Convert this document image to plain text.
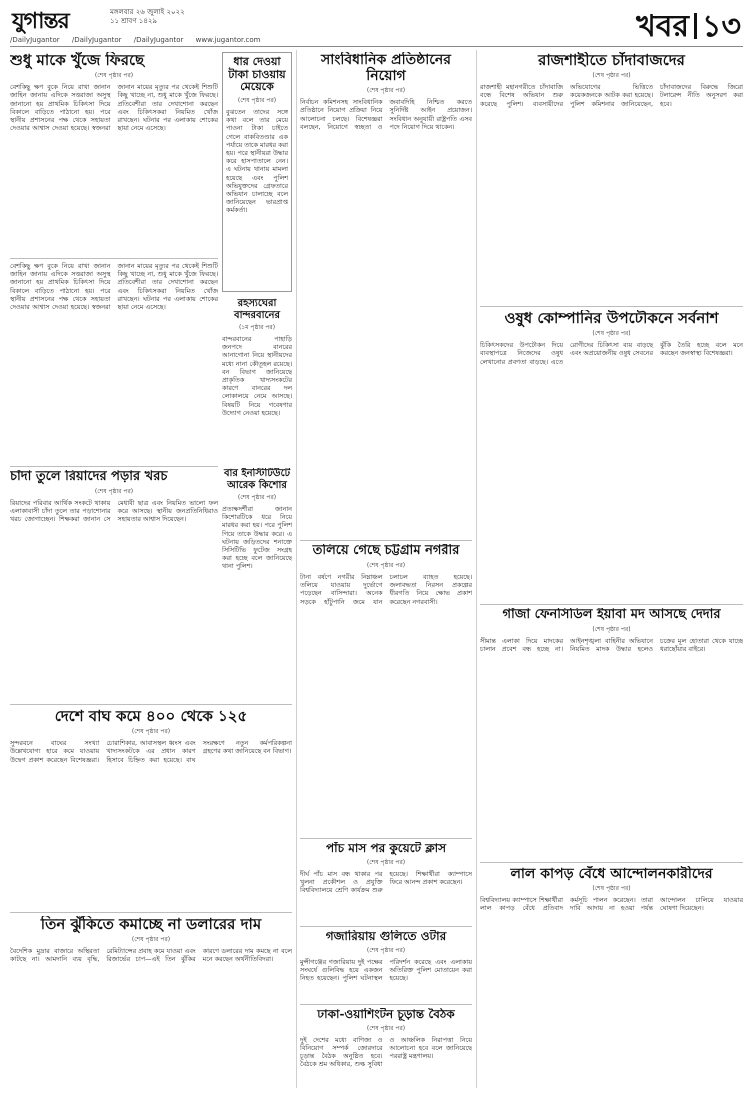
যুগান্তর	মঙ্গলবার ২৬ জুলাই ২০২২
১১ শ্রাবণ ১৪২৯	খবর ১৩
/DailyJugantor /DailyJugantor /DailyJugantor www.jugantor.com
শুধু মাকে খুঁজে ফিরছে
(শেষ পৃষ্ঠার পর)

বেশকিছু ক্ষণ বুকে নিয়ে রাখা জানান জাহিন জানায় এদিকে সত্তরাজা অসুস্থ জানানো হয় প্রাথমিক চিকিৎসা দিয়ে বিকালে বাড়িতে পাঠানো হয়। পরে স্থানীয় প্রশাসনের পক্ষ থেকে সহায়তা দেওয়ার আশ্বাস দেওয়া হয়েছে। স্বজনরা জানান মায়ের মৃত্যুর পর থেকেই শিশুটি কিছু খাচ্ছে না, শুধু মাকে খুঁজে ফিরছে। প্রতিবেশীরা তার দেখাশোনা করছেন এবং চিকিৎসকরা নিয়মিত খোঁজ রাখছেন। ঘটনার পর এলাকায় শোকের ছায়া নেমে এসেছে।

ধার দেওয়া টাকা চাওয়ায় মেয়েকে
(শেষ পৃষ্ঠার পর)

বুঝতেন তাদের সঙ্গে কথা বলে তার মেয়ে পাওনা টাকা চাইতে গেলে বাকবিতণ্ডার এক পর্যায়ে তাকে মারধর করা হয়। পরে স্থানীয়রা উদ্ধার করে হাসপাতালে নেন। এ ঘটনায় থানায় মামলা হয়েছে এবং পুলিশ অভিযুক্তদের গ্রেফতারে অভিযান চালাচ্ছে বলে জানিয়েছেন ভারপ্রাপ্ত কর্মকর্তা।

রহস্যঘেরা বান্দরবানের
(১ম পৃষ্ঠার পর)

বান্দরবানের পাহাড়ি জনপদে বানরের আনাগোনা নিয়ে স্থানীয়দের মধ্যে নানা কৌতূহল রয়েছে। বন বিভাগ জানিয়েছে প্রাকৃতিক খাদ্যসংকটের কারণে বানরের দল লোকালয়ে নেমে আসছে। বিষয়টি নিয়ে গবেষণার উদ্যোগ নেওয়া হয়েছে।

বেশকিছু ক্ষণ বুকে নিয়ে রাখা জানান জাহিন জানায় এদিকে সত্তরাজা অসুস্থ জানানো হয় প্রাথমিক চিকিৎসা দিয়ে বিকালে বাড়িতে পাঠানো হয়। পরে স্থানীয় প্রশাসনের পক্ষ থেকে সহায়তা দেওয়ার আশ্বাস দেওয়া হয়েছে। স্বজনরা জানান মায়ের মৃত্যুর পর থেকেই শিশুটি কিছু খাচ্ছে না, শুধু মাকে খুঁজে ফিরছে। প্রতিবেশীরা তার দেখাশোনা করছেন এবং চিকিৎসকরা নিয়মিত খোঁজ রাখছেন। ঘটনার পর এলাকায় শোকের ছায়া নেমে এসেছে।

বার ইনস্টিটিউটে আরেক কিশোর
(শেষ পৃষ্ঠার পর)

প্রত্যক্ষদর্শীরা জানান কিশোরটিকে ধরে নিয়ে মারধর করা হয়। পরে পুলিশ গিয়ে তাকে উদ্ধার করে। এ ঘটনায় জড়িতদের শনাক্তে সিসিটিভি ফুটেজ সংগ্রহ করা হচ্ছে বলে জানিয়েছে থানা পুলিশ।

চাঁদা তুলে রিয়াদের পড়ার খরচ
(শেষ পৃষ্ঠার পর)

রিয়াদের পরিবার আর্থিক সংকটে থাকায় এলাকাবাসী চাঁদা তুলে তার পড়াশোনার খরচ জোগাচ্ছেন। শিক্ষকরা জানান সে মেধাবী ছাত্র এবং নিয়মিত ভালো ফল করে আসছে। স্থানীয় জনপ্রতিনিধিরাও সহায়তার আশ্বাস দিয়েছেন।

দেশে বাঘ কমে ৪০০ থেকে ১২৫
(শেষ পৃষ্ঠার পর)

সুন্দরবনে বাঘের সংখ্যা উল্লেখযোগ্য হারে কমে যাওয়ায় উদ্বেগ প্রকাশ করেছেন বিশেষজ্ঞরা। চোরাশিকার, আবাসস্থল ধ্বংস এবং খাদ্যসংকটকে এর প্রধান কারণ হিসাবে চিহ্নিত করা হয়েছে। বাঘ সংরক্ষণে নতুন কর্মপরিকল্পনা গ্রহণের কথা জানিয়েছে বন বিভাগ।

তিন ঝুঁকিতে কমাচ্ছে না ডলারের দাম
(শেষ পৃষ্ঠার পর)

বৈদেশিক মুদ্রার বাজারে অস্থিরতা কাটছে না। আমদানি ব্যয় বৃদ্ধি, রেমিট্যান্সের প্রবাহ কমে যাওয়া এবং রিজার্ভের চাপ—এই তিন ঝুঁকির কারণে ডলারের দাম কমছে না বলে মনে করছেন অর্থনীতিবিদরা।

সাংবিধানিক প্রতিষ্ঠানের নিয়োগ
(শেষ পৃষ্ঠার পর)

নির্বাচন কমিশনসহ সাংবিধানিক প্রতিষ্ঠানে নিয়োগ প্রক্রিয়া নিয়ে আলোচনা চলছে। বিশেষজ্ঞরা বলছেন, নিয়োগে স্বচ্ছতা ও জবাবদিহি নিশ্চিত করতে সুনির্দিষ্ট আইন প্রয়োজন। সংবিধান অনুযায়ী রাষ্ট্রপতি এসব পদে নিয়োগ দিয়ে থাকেন।

তলিয়ে গেছে চট্টগ্রাম নগরীর
(শেষ পৃষ্ঠার পর)

টানা বর্ষণে নগরীর নিম্নাঞ্চল তলিয়ে যাওয়ায় দুর্ভোগে পড়েছেন বাসিন্দারা। অনেক সড়কে হাঁটুপানি জমে যান চলাচল ব্যাহত হয়েছে। জলাবদ্ধতা নিরসন প্রকল্পের ধীরগতি নিয়ে ক্ষোভ প্রকাশ করেছেন নগরবাসী।

পাঁচ মাস পর কুয়েটে ক্লাস
(শেষ পৃষ্ঠার পর)

দীর্ঘ পাঁচ মাস বন্ধ থাকার পর খুলনা প্রকৌশল ও প্রযুক্তি বিশ্ববিদ্যালয়ে শ্রেণি কার্যক্রম শুরু হয়েছে। শিক্ষার্থীরা ক্যাম্পাসে ফিরে আনন্দ প্রকাশ করেছেন।

গজারিয়ায় গুলিতে ওটার
(শেষ পৃষ্ঠার পর)

মুন্সীগঞ্জের গজারিয়ায় দুই পক্ষের সংঘর্ষে গুলিবিদ্ধ হয়ে একজন নিহত হয়েছেন। পুলিশ ঘটনাস্থল পরিদর্শন করেছে এবং এলাকায় অতিরিক্ত পুলিশ মোতায়েন করা হয়েছে।

ঢাকা-ওয়াশিংটন চূড়ান্ত বৈঠক
(শেষ পৃষ্ঠার পর)

দুই দেশের মধ্যে বাণিজ্য ও বিনিয়োগ সম্পর্ক জোরদারে চূড়ান্ত বৈঠক অনুষ্ঠিত হবে। বৈঠকে শ্রম অধিকার, শুল্ক সুবিধা ও আঞ্চলিক নিরাপত্তা নিয়ে আলোচনা হবে বলে জানিয়েছে পররাষ্ট্র মন্ত্রণালয়।

রাজশাহীতে চাঁদাবাজদের
(শেষ পৃষ্ঠার পর)

রাজশাহী মহানগরীতে চাঁদাবাজি বন্ধে বিশেষ অভিযান শুরু করেছে পুলিশ। ব্যবসায়ীদের অভিযোগের ভিত্তিতে কয়েকজনকে আটক করা হয়েছে। পুলিশ কমিশনার জানিয়েছেন, চাঁদাবাজদের বিরুদ্ধে জিরো টলারেন্স নীতি অনুসরণ করা হবে।

ওষুধ কোম্পানির উপঢৌকনে সর্বনাশ
(শেষ পৃষ্ঠার পর)

চিকিৎসকদের উপঢৌকন দিয়ে ব্যবস্থাপত্রে নিজেদের ওষুধ লেখানোর প্রবণতা বাড়ছে। এতে রোগীদের চিকিৎসা ব্যয় বাড়ছে এবং অপ্রয়োজনীয় ওষুধ সেবনের ঝুঁকি তৈরি হচ্ছে বলে মনে করছেন জনস্বাস্থ্য বিশেষজ্ঞরা।

গাঁজা ফেনসিডিল ইয়াবা মদ আসছে দেদার
(শেষ পৃষ্ঠার পর)

সীমান্ত এলাকা দিয়ে মাদকের চালান প্রবেশ বন্ধ হচ্ছে না। আইনশৃঙ্খলা বাহিনীর অভিযানে নিয়মিত মাদক উদ্ধার হলেও চক্রের মূল হোতারা থেকে যাচ্ছে ধরাছোঁয়ার বাইরে।

লাল কাপড় বেঁধে আন্দোলনকারীদের
(শেষ পৃষ্ঠার পর)

বিশ্ববিদ্যালয় ক্যাম্পাসে শিক্ষার্থীরা লাল কাপড় বেঁধে প্রতিবাদ কর্মসূচি পালন করেছেন। তারা দাবি আদায় না হওয়া পর্যন্ত আন্দোলন চালিয়ে যাওয়ার ঘোষণা দিয়েছেন।
